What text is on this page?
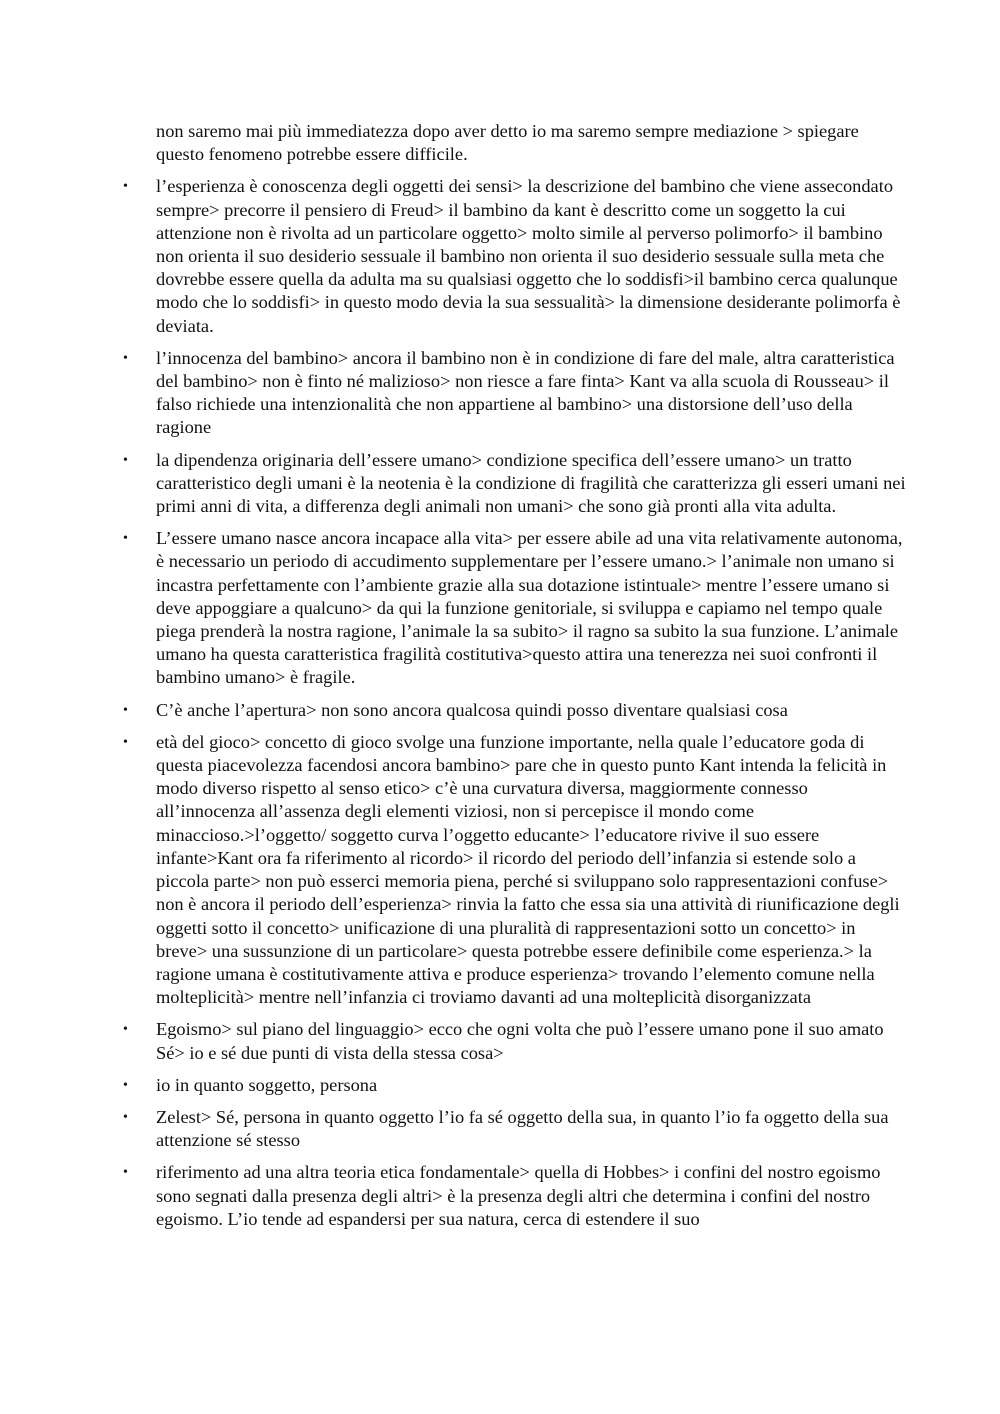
non saremo mai più immediatezza dopo aver detto io ma saremo sempre mediazione > spiegare questo fenomeno potrebbe essere difficile.

• l’esperienza è conoscenza degli oggetti dei sensi> la descrizione del bambino che viene assecondato sempre> precorre il pensiero di Freud> il bambino da kant è descritto come un soggetto la cui attenzione non è rivolta ad un particolare oggetto> molto simile al perverso polimorfo> il bambino non orienta il suo desiderio sessuale il bambino non orienta il suo desiderio sessuale sulla meta che dovrebbe essere quella da adulta ma su qualsiasi oggetto che lo soddisfi>il bambino cerca qualunque modo che lo soddisfi> in questo modo devia la sua sessualità> la dimensione desiderante polimorfa è deviata.
• l’innocenza del bambino> ancora il bambino non è in condizione di fare del male, altra caratteristica del bambino> non è finto né malizioso> non riesce a fare finta> Kant va alla scuola di Rousseau> il falso richiede una intenzionalità che non appartiene al bambino> una distorsione dell’uso della ragione
• la dipendenza originaria dell’essere umano> condizione specifica dell’essere umano> un tratto caratteristico degli umani è la neotenia è la condizione di fragilità che caratterizza gli esseri umani nei primi anni di vita, a differenza degli animali non umani> che sono già pronti alla vita adulta.
• L’essere umano nasce ancora incapace alla vita> per essere abile ad una vita relativamente autonoma, è necessario un periodo di accudimento supplementare per l’essere umano.> l’animale non umano si incastra perfettamente con l’ambiente grazie alla sua dotazione istintuale> mentre l’essere umano si deve appoggiare a qualcuno> da qui la funzione genitoriale, si sviluppa e capiamo nel tempo quale piega prenderà la nostra ragione, l’animale la sa subito> il ragno sa subito la sua funzione. L’animale umano ha questa caratteristica fragilità costitutiva>questo attira una tenerezza nei suoi confronti il bambino umano> è fragile.
• C’è anche l’apertura> non sono ancora qualcosa quindi posso diventare qualsiasi cosa
• età del gioco> concetto di gioco svolge una funzione importante, nella quale l’educatore goda di questa piacevolezza facendosi ancora bambino> pare che in questo punto Kant intenda la felicità in modo diverso rispetto al senso etico> c’è una curvatura diversa, maggiormente connesso all’innocenza all’assenza degli elementi viziosi, non si percepisce il mondo come minaccioso.>l’oggetto/ soggetto curva l’oggetto educante> l’educatore rivive il suo essere infante>Kant ora fa riferimento al ricordo> il ricordo del periodo dell’infanzia si estende solo a piccola parte> non può esserci memoria piena, perché si sviluppano solo rappresentazioni confuse> non è ancora il periodo dell’esperienza> rinvia la fatto che essa sia una attività di riunificazione degli oggetti sotto il concetto> unificazione di una pluralità di rappresentazioni sotto un concetto> in breve> una sussunzione di un particolare> questa potrebbe essere definibile come esperienza.> la ragione umana è costitutivamente attiva e produce esperienza> trovando l’elemento comune nella molteplicità> mentre nell’infanzia ci troviamo davanti ad una molteplicità disorganizzata
• Egoismo> sul piano del linguaggio> ecco che ogni volta che può l’essere umano pone il suo amato Sé> io e sé due punti di vista della stessa cosa>
• io in quanto soggetto, persona
• Zelest> Sé, persona in quanto oggetto l’io fa sé oggetto della sua, in quanto l’io fa oggetto della sua attenzione sé stesso
• riferimento ad una altra teoria etica fondamentale> quella di Hobbes> i confini del nostro egoismo sono segnati dalla presenza degli altri> è la presenza degli altri che determina i confini del nostro egoismo. L’io tende ad espandersi per sua natura, cerca di estendere il suo
